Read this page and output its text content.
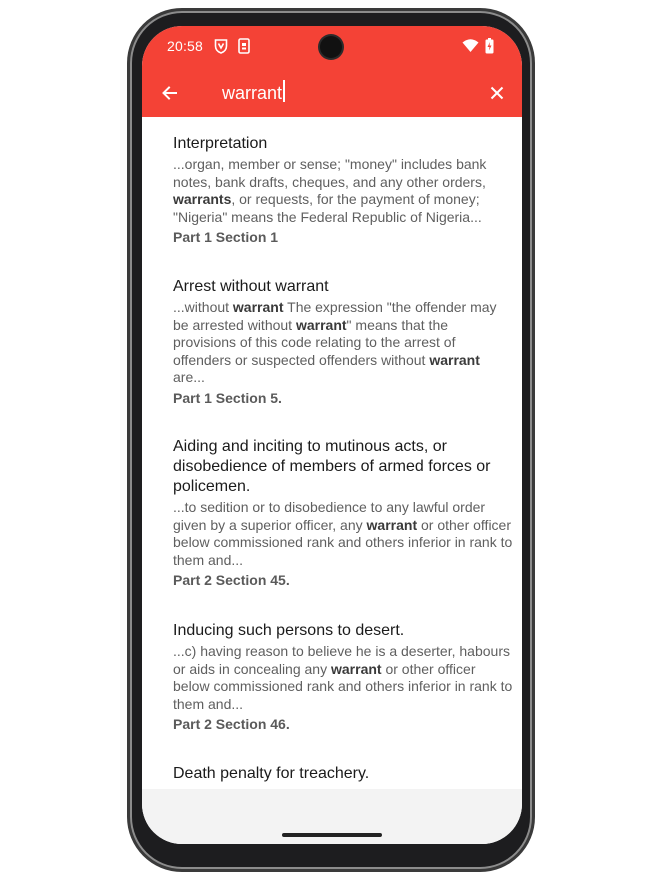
20:58
warrant
Interpretation
...organ, member or sense; "money" includes bank notes, bank drafts, cheques, and any other orders, warrants, or requests, for the payment of money; "Nigeria" means the Federal Republic of Nigeria...
Part 1 Section 1
Arrest without warrant
...without warrant The expression "the offender may be arrested without warrant" means that the provisions of this code relating to the arrest of offenders or suspected offenders without warrant are...
Part 1 Section 5.
Aiding and inciting to mutinous acts, or disobedience of members of armed forces or policemen.
...to sedition or to disobedience to any lawful order given by a superior officer, any warrant or other officer below commissioned rank and others inferior in rank to them and...
Part 2 Section 45.
Inducing such persons to desert.
...c) having reason to believe he is a deserter, habours or aids in concealing any warrant or other officer below commissioned rank and others inferior in rank to them and...
Part 2 Section 46.
Death penalty for treachery.
